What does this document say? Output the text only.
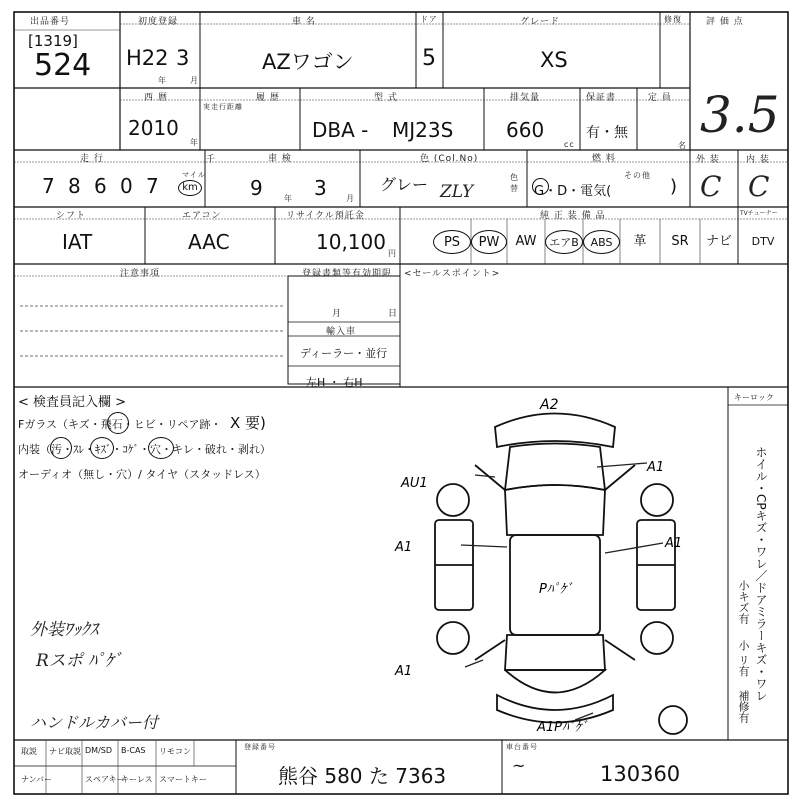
出品番号
[1319]
524
初度登録
H22 3
年	月
車 名
AZワゴン
ドア
5
グレード
XS
修復	評 価 点
3.5
西 暦
2010
年
履 歴
実走行距離
型 式
DBA - MJ23S
排気量
660
cc
保証書
有・無
定 員
名
走 行
7 8 6 0 7	マイル
km
千	車 検
9	年 3 月
色 (Col.No)
グレー ZLY
色替
燃 料
G・D・電気(
その他
)
外 装
C
内 装
C
シフト
IAT
エアコン
AAC
リサイクル預託金
10,100 円
純 正 装 備 品	TVチューナー
PS	PW	AW	エアB	ABS	革	SR	ナビ	DTV
注意事項	登録書類等有効期限
月	日
輸入車
ディーラー・並行
左H ・ 右H
<セールスポイント>
< 検査員記入欄 >
Fガラス（キズ・飛石・ヒビ・リペア跡・ X 要)
内装（汚・ｽﾚ・ｷｽﾞ・ｺｹﾞ・穴・キレ・破れ・剥れ）
オーディオ（無し・穴）/ タイヤ（スタッドレス）
外装ﾜｯｸｽ
Rスポ ﾊﾟｹﾞ
ハンドルカバー付
キーロック
ホイル・CPキズ・ワレ／ドアミラーキズ・ワレ
小キズ有
小 リ有
補修有
A2
AU1
A1
A1	A1
Pﾊﾟｹﾞ
A1
A1Pﾊﾟｹﾞ
取説 ナビ取説 DM/SD B-CAS リモコン
ナンバー	スペアキー
キーレス スマートキー
登録番号
熊谷 580 た 7363
車台番号
~	130360
